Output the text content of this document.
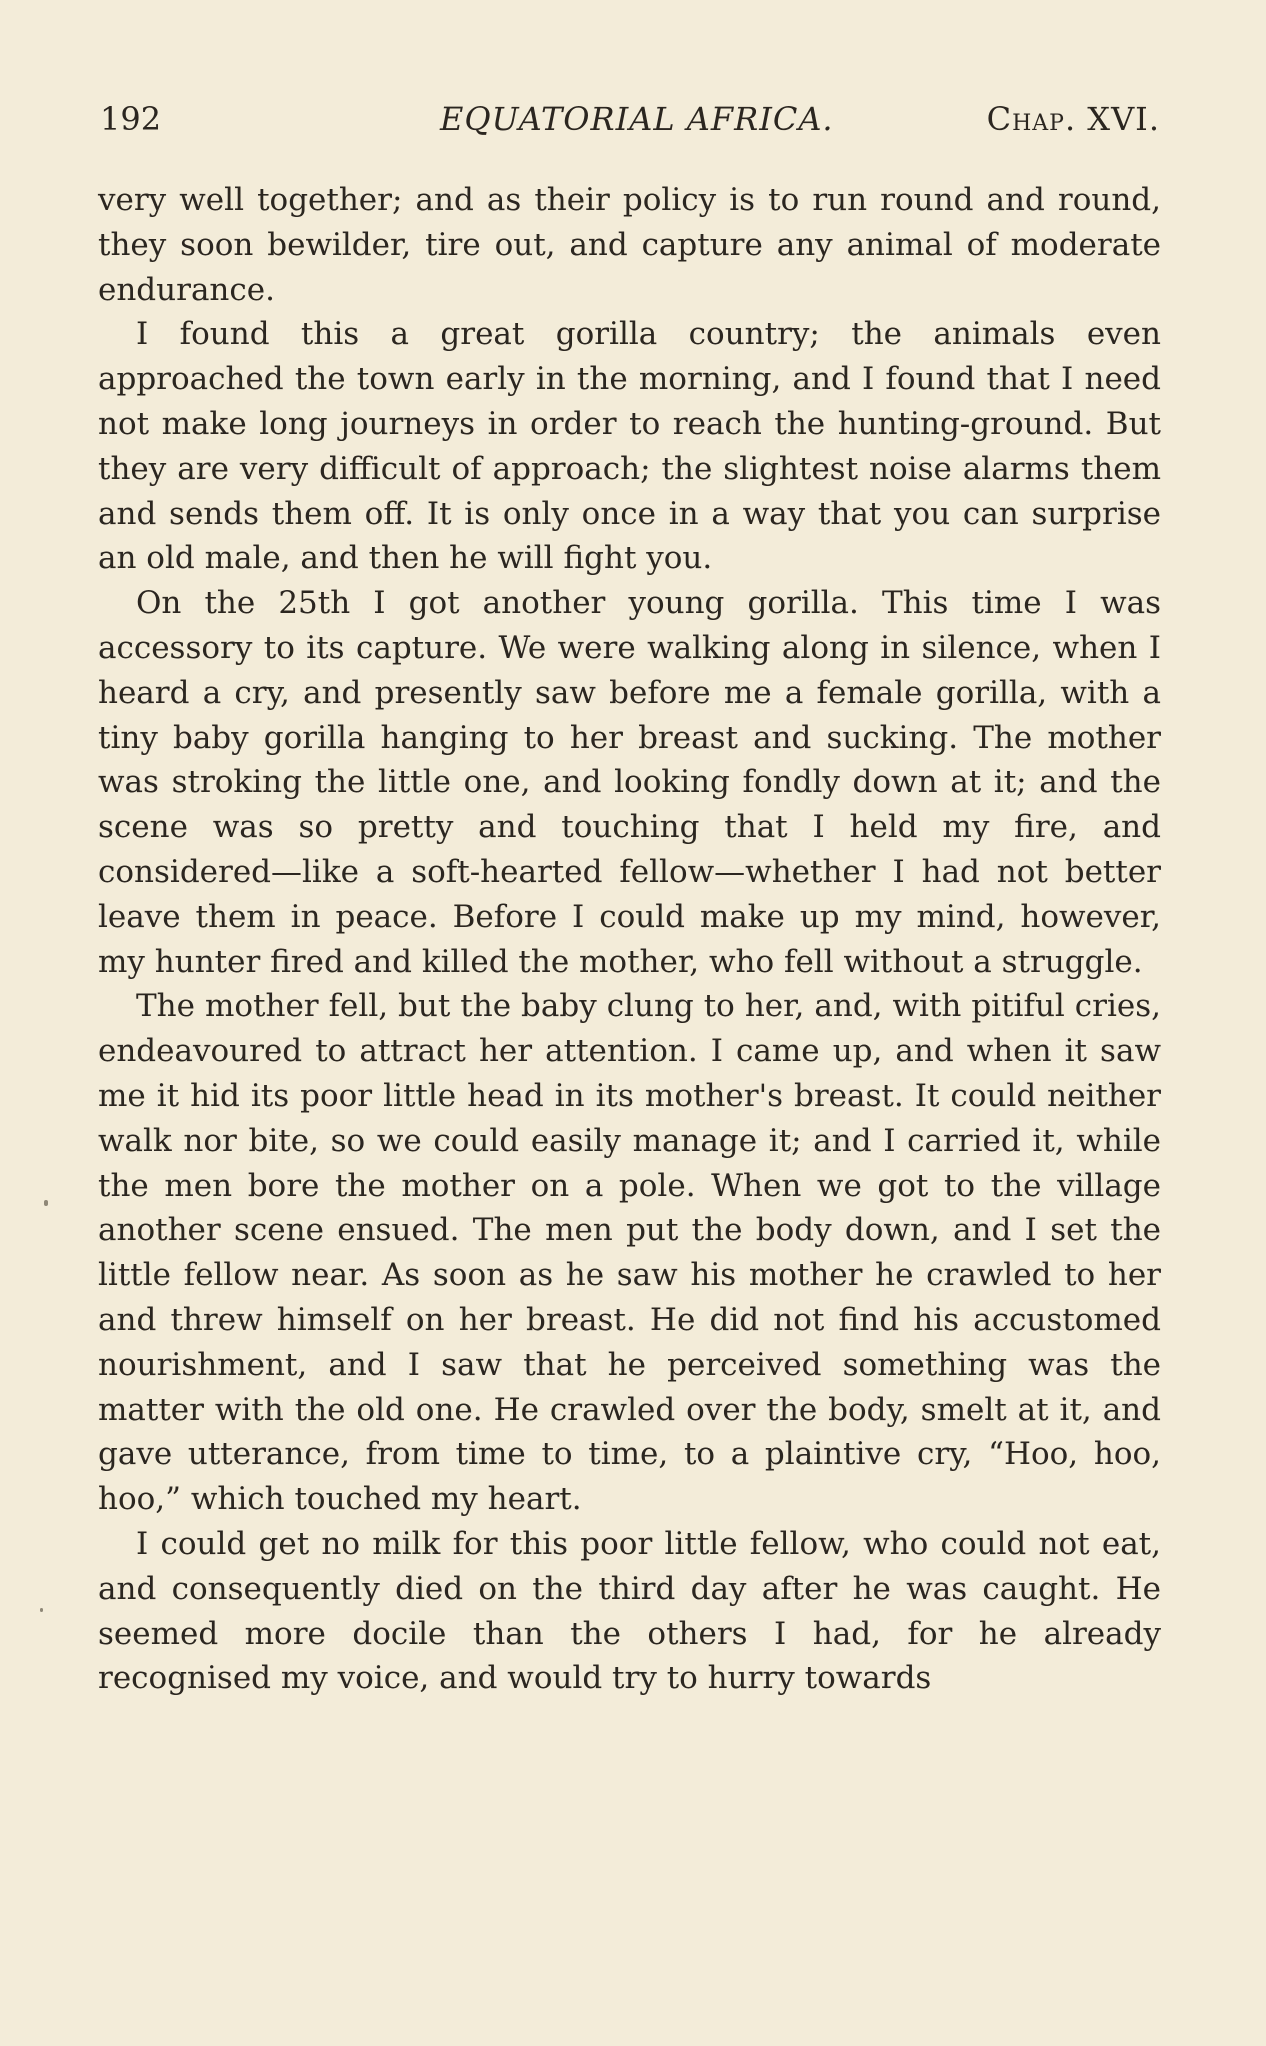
192	EQUATORIAL AFRICA.	Chap. XVI.

very well together; and as their policy is to run round and round, they soon bewilder, tire out, and capture any animal of moderate endurance.

I found this a great gorilla country; the animals even approached the town early in the morning, and I found that I need not make long journeys in order to reach the hunting-ground. But they are very difficult of approach; the slightest noise alarms them and sends them off. It is only once in a way that you can surprise an old male, and then he will fight you.

On the 25th I got another young gorilla. This time I was accessory to its capture. We were walking along in silence, when I heard a cry, and presently saw before me a female gorilla, with a tiny baby gorilla hanging to her breast and sucking. The mother was stroking the little one, and looking fondly down at it; and the scene was so pretty and touching that I held my fire, and considered—like a soft-hearted fellow—whether I had not better leave them in peace. Before I could make up my mind, however, my hunter fired and killed the mother, who fell without a struggle.

The mother fell, but the baby clung to her, and, with pitiful cries, endeavoured to attract her attention. I came up, and when it saw me it hid its poor little head in its mother's breast. It could neither walk nor bite, so we could easily manage it; and I carried it, while the men bore the mother on a pole. When we got to the village another scene ensued. The men put the body down, and I set the little fellow near. As soon as he saw his mother he crawled to her and threw himself on her breast. He did not find his accustomed nourishment, and I saw that he perceived something was the matter with the old one. He crawled over the body, smelt at it, and gave utterance, from time to time, to a plaintive cry, “Hoo, hoo, hoo,” which touched my heart.

I could get no milk for this poor little fellow, who could not eat, and consequently died on the third day after he was caught. He seemed more docile than the others I had, for he already recognised my voice, and would try to hurry towards
